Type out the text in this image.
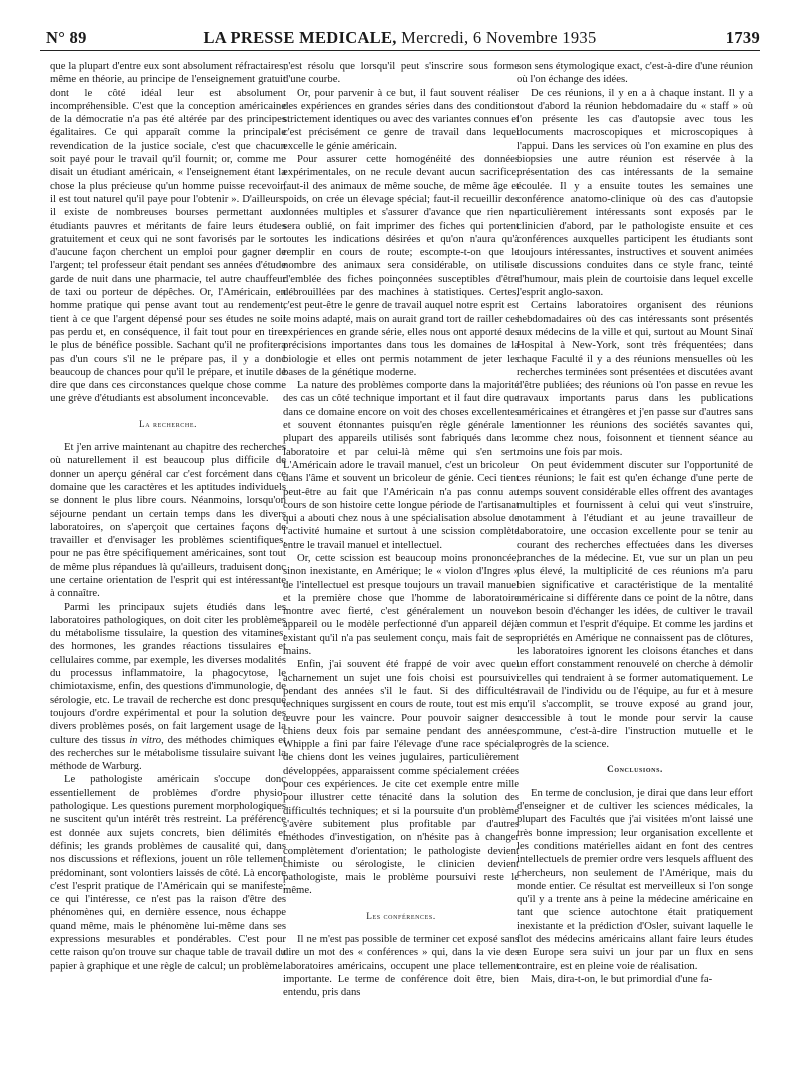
N° 89	LA PRESSE MEDICALE, Mercredi, 6 Novembre 1935	1739

que la plupart d'entre eux sont absolument réfractaires, même en théorie, au principe de l'enseignement gratuit dont le côté idéal leur est absolument incompréhensible. C'est que la conception américaine de la démocratie n'a pas été altérée par des principes égalitaires. Ce qui apparaît comme la principale revendication de la justice sociale, c'est que chacun soit payé pour le travail qu'il fournit; or, comme me disait un étudiant américain, « l'enseignement étant la chose la plus précieuse qu'un homme puisse recevoir, il est tout naturel qu'il paye pour l'obtenir ». D'ailleurs, il existe de nombreuses bourses permettant aux étudiants pauvres et méritants de faire leurs études gratuitement et ceux qui ne sont favorisés par le sort d'aucune façon cherchent un emploi pour gagner de l'argent; tel professeur était pendant ses années d'étude garde de nuit dans une pharmacie, tel autre chauffeur de taxi ou porteur de dépêches. Or, l'Américain, en homme pratique qui pense avant tout au rendement, tient à ce que l'argent dépensé pour ses études ne soit pas perdu et, en conséquence, il fait tout pour en tirer le plus de bénéfice possible. Sachant qu'il ne profitera pas d'un cours s'il ne le prépare pas, il y a donc beaucoup de chances pour qu'il le prépare, et inutile de dire que dans ces circonstances quelque chose comme une grève d'étudiants est absolument inconcevable.

La recherche.

Et j'en arrive maintenant au chapitre des recherches où naturellement il est beaucoup plus difficile de donner un aperçu général car c'est forcément dans ce domaine que les caractères et les aptitudes individuels se donnent le plus libre cours. Néanmoins, lorsqu'on séjourne pendant un certain temps dans les divers laboratoires, on s'aperçoit que certaines façons de travailler et d'envisager les problèmes scientifiques, pour ne pas être spécifiquement américaines, sont tout de même plus répandues là qu'ailleurs, traduisent donc une certaine orientation de l'esprit qui est intéressante à connaître.

Parmi les principaux sujets étudiés dans les laboratoires pathologiques, on doit citer les problèmes du métabolisme tissulaire, la question des vitamines, des hormones, les grandes réactions tissulaires et cellulaires comme, par exemple, les diverses modalités du processus inflammatoire, la phagocytose, le chimiotaxisme, enfin, des questions d'immunologie, de sérologie, etc. Le travail de recherche est donc presque toujours d'ordre expérimental et pour la solution des divers problèmes posés, on fait largement usage de la culture des tissus in vitro, des méthodes chimiques et des recherches sur le métabolisme tissulaire suivant la méthode de Warburg.

Le pathologiste américain s'occupe donc essentiellement de problèmes d'ordre physio-pathologique. Les questions purement morphologiques ne suscitent qu'un intérêt très restreint. La préférence est donnée aux sujets concrets, bien délimités et définis; les grands problèmes de causalité qui, dans nos discussions et réflexions, jouent un rôle tellement prédominant, sont volontiers laissés de côté. Là encore c'est l'esprit pratique de l'Américain qui se manifeste; ce qui l'intéresse, ce n'est pas la raison d'être des phénomènes qui, en dernière essence, nous échappe quand même, mais le phénomène lui-même dans ses expressions mesurables et pondérables. C'est pour cette raison qu'on trouve sur chaque table de travail du papier à graphique et une règle de calcul; un problème

n'est résolu que lorsqu'il peut s'inscrire sous forme d'une courbe.

Or, pour parvenir à ce but, il faut souvent réaliser des expériences en grandes séries dans des conditions strictement identiques ou avec des variantes connues et c'est précisément ce genre de travail dans lequel excelle le génie américain.

Pour assurer cette homogénéité des données expérimentales, on ne recule devant aucun sacrifice; faut-il des animaux de même souche, de même âge et poids, on crée un élevage spécial; faut-il recueillir des données multiples et s'assurer d'avance que rien ne sera oublié, on fait imprimer des fiches qui portent toutes les indications désirées et qu'on n'aura qu'à remplir en cours de route; escompte-t-on que le nombre des animaux sera considérable, on utilise d'emblée des fiches poinçonnées susceptibles d'être débrouillées par des machines à statistiques. Certes, c'est peut-être le genre de travail auquel notre esprit est le moins adapté, mais on aurait grand tort de railler ces expériences en grande série, elles nous ont apporté des précisions importantes dans tous les domaines de la biologie et elles ont permis notamment de jeter les bases de la génétique moderne.

La nature des problèmes comporte dans la majorité des cas un côté technique important et il faut dire que dans ce domaine encore on voit des choses excellentes et souvent étonnantes puisqu'en règle générale la plupart des appareils utilisés sont fabriqués dans le laboratoire et par celui-là même qui s'en sert. L'Américain adore le travail manuel, c'est un bricoleur dans l'âme et souvent un bricoleur de génie. Ceci tient peut-être au fait que l'Américain n'a pas connu au cours de son histoire cette longue période de l'artisanat qui a abouti chez nous à une spécialisation absolue de l'activité humaine et surtout à une scission complète entre le travail manuel et intellectuel.

Or, cette scission est beaucoup moins prononcée, sinon inexistante, en Amérique; le « violon d'Ingres » de l'intellectuel est presque toujours un travail manuel et la première chose que l'homme de laboratoire montre avec fierté, c'est généralement un nouvel appareil ou le modèle perfectionné d'un appareil déjà existant qu'il n'a pas seulement conçu, mais fait de ses mains.

Enfin, j'ai souvent été frappé de voir avec quel acharnement un sujet une fois choisi est poursuivi pendant des années s'il le faut. Si des difficultés techniques surgissent en cours de route, tout est mis en œuvre pour les vaincre. Pour pouvoir saigner des chiens deux fois par semaine pendant des années, Whipple a fini par faire l'élevage d'une race spéciale de chiens dont les veines jugulaires, particulièrement développées, apparaissent comme spécialement créées pour ces expériences. Je cite cet exemple entre mille pour illustrer cette ténacité dans la solution des difficultés techniques; et si la poursuite d'un problème s'avère subitement plus profitable par d'autres méthodes d'investigation, on n'hésite pas à changer complètement d'orientation; le pathologiste devient chimiste ou sérologiste, le clinicien devient pathologiste, mais le problème poursuivi reste le même.

Les conférences.

Il ne m'est pas possible de terminer cet exposé sans dire un mot des « conférences » qui, dans la vie des laboratoires américains, occupent une place tellement importante. Le terme de conférence doit être, bien entendu, pris dans

son sens étymologique exact, c'est-à-dire d'une réunion où l'on échange des idées.

De ces réunions, il y en a à chaque instant. Il y a tout d'abord la réunion hebdomadaire du « staff » où l'on présente les cas d'autopsie avec tous les documents macroscopiques et microscopiques à l'appui. Dans les services où l'on examine en plus des biopsies une autre réunion est réservée à la présentation des cas intéressants de la semaine écoulée. Il y a ensuite toutes les semaines une conférence anatomo-clinique où des cas d'autopsie particulièrement intéressants sont exposés par le clinicien d'abord, par le pathologiste ensuite et ces conférences auxquelles participent les étudiants sont toujours intéressantes, instructives et souvent animées de discussions conduites dans ce style franc, teinté d'humour, mais plein de courtoisie dans lequel excelle l'esprit anglo-saxon.

Certains laboratoires organisent des réunions hebdomadaires où des cas intéressants sont présentés aux médecins de la ville et qui, surtout au Mount Sinaï Hospital à New-York, sont très fréquentées; dans chaque Faculté il y a des réunions mensuelles où les recherches terminées sont présentées et discutées avant d'être publiées; des réunions où l'on passe en revue les travaux importants parus dans les publications américaines et étrangères et j'en passe sur d'autres sans mentionner les réunions des sociétés savantes qui, comme chez nous, foisonnent et tiennent séance au moins une fois par mois.

On peut évidemment discuter sur l'opportunité de ces réunions; le fait est qu'en échange d'une perte de temps souvent considérable elles offrent des avantages multiples et fournissent à celui qui veut s'instruire, notamment à l'étudiant et au jeune travailleur de laboratoire, une occasion excellente pour se tenir au courant des recherches effectuées dans les diverses branches de la médecine. Et, vue sur un plan un peu plus élevé, la multiplicité de ces réunions m'a paru bien significative et caractéristique de la mentalité américaine si différente dans ce point de la nôtre, dans son besoin d'échanger les idées, de cultiver le travail en commun et l'esprit d'équipe. Et comme les jardins et propriétés en Amérique ne connaissent pas de clôtures, les laboratoires ignorent les cloisons étanches et dans un effort constamment renouvelé on cherche à démolir celles qui tendraient à se former automatiquement. Le travail de l'individu ou de l'équipe, au fur et à mesure qu'il s'accomplit, se trouve exposé au grand jour, accessible à tout le monde pour servir la cause commune, c'est-à-dire l'instruction mutuelle et le progrès de la science.

Conclusions.

En terme de conclusion, je dirai que dans leur effort d'enseigner et de cultiver les sciences médicales, la plupart des Facultés que j'ai visitées m'ont laissé une très bonne impression; leur organisation excellente et les conditions matérielles aidant en font des centres intellectuels de premier ordre vers lesquels affluent des chercheurs, non seulement de l'Amérique, mais du monde entier. Ce résultat est merveilleux si l'on songe qu'il y a trente ans à peine la médecine américaine en tant que science autochtone était pratiquement inexistante et la prédiction d'Osler, suivant laquelle le flot des médecins américains allant faire leurs études en Europe sera suivi un jour par un flux en sens contraire, est en pleine voie de réalisation.

Mais, dira-t-on, le but primordial d'une fa-
